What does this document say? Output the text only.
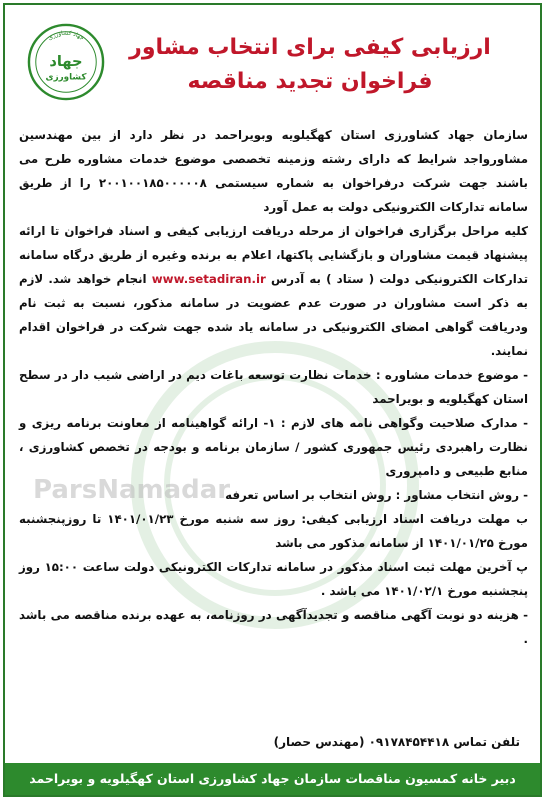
جهاد کشاورزی
جهاد
کشاورزی
ارزیابی کیفی برای انتخاب مشاور
فراخوان تجدید مناقصه
ParsNamadar

سازمان جهاد کشاورزی استان کهگیلویه وبویراحمد در نظر دارد از بین مهندسین مشاورواجد شرایط که دارای رشته وزمینه تخصصی موضوع خدمات مشاوره طرح می باشند جهت شرکت درفراخوان به شماره سیستمی ۲۰۰۱۰۰۱۸۵۰۰۰۰۰۸ را از طریق سامانه تدارکات الکترونیکی دولت به عمل آورد

کلیه مراحل برگزاری فراخوان از مرحله دریافت ارزیابی کیفی و اسناد فراخوان تا ارائه پیشنهاد قیمت مشاوران و بازگشایی پاکتها، اعلام به برنده وغیره از طریق درگاه سامانه تدارکات الکترونیکی دولت ( ستاد ) به آدرس www.setadiran.ir انجام خواهد شد. لازم به ذکر است مشاوران در صورت عدم عضویت در سامانه مذکور، نسبت به ثبت نام ودریافت گواهی امضای الکترونیکی در سامانه یاد شده جهت شرکت در فراخوان اقدام نمایند.

- موضوع خدمات مشاوره : خدمات نظارت توسعه باغات دیم در اراضی شیب دار در سطح استان کهگیلویه و بویراحمد

- مدارک صلاحیت وگواهی نامه های لازم : ۱- ارائه گواهینامه از معاونت برنامه ریزی و نظارت راهبردی رئیس جمهوری کشور / سازمان برنامه و بودجه در تخصص کشاورزی ، منابع طبیعی و دامپروری

- روش انتخاب مشاور : روش انتخاب بر اساس تعرفه

ب مهلت دریافت اسناد ارزیابی کیفی: روز سه شنبه مورخ ۱۴۰۱/۰۱/۲۳ تا روزپنجشنبه مورخ ۱۴۰۱/۰۱/۲۵ از سامانه مذکور می باشد

پ آخرین مهلت ثبت اسناد مذکور در سامانه تدارکات الکترونیکی دولت ساعت ۱۵:۰۰ روز پنجشنبه مورخ ۱۴۰۱/۰۲/۱ می باشد .

- هزینه دو نوبت آگهی مناقصه و تجدیدآگهی در روزنامه، به عهده برنده مناقصه می باشد .

تلفن تماس ۰۹۱۷۸۴۵۴۴۱۸ (مهندس حصار)
دبیر خانه کمسیون مناقصات سازمان جهاد کشاورزی استان کهگیلویه و بویراحمد
